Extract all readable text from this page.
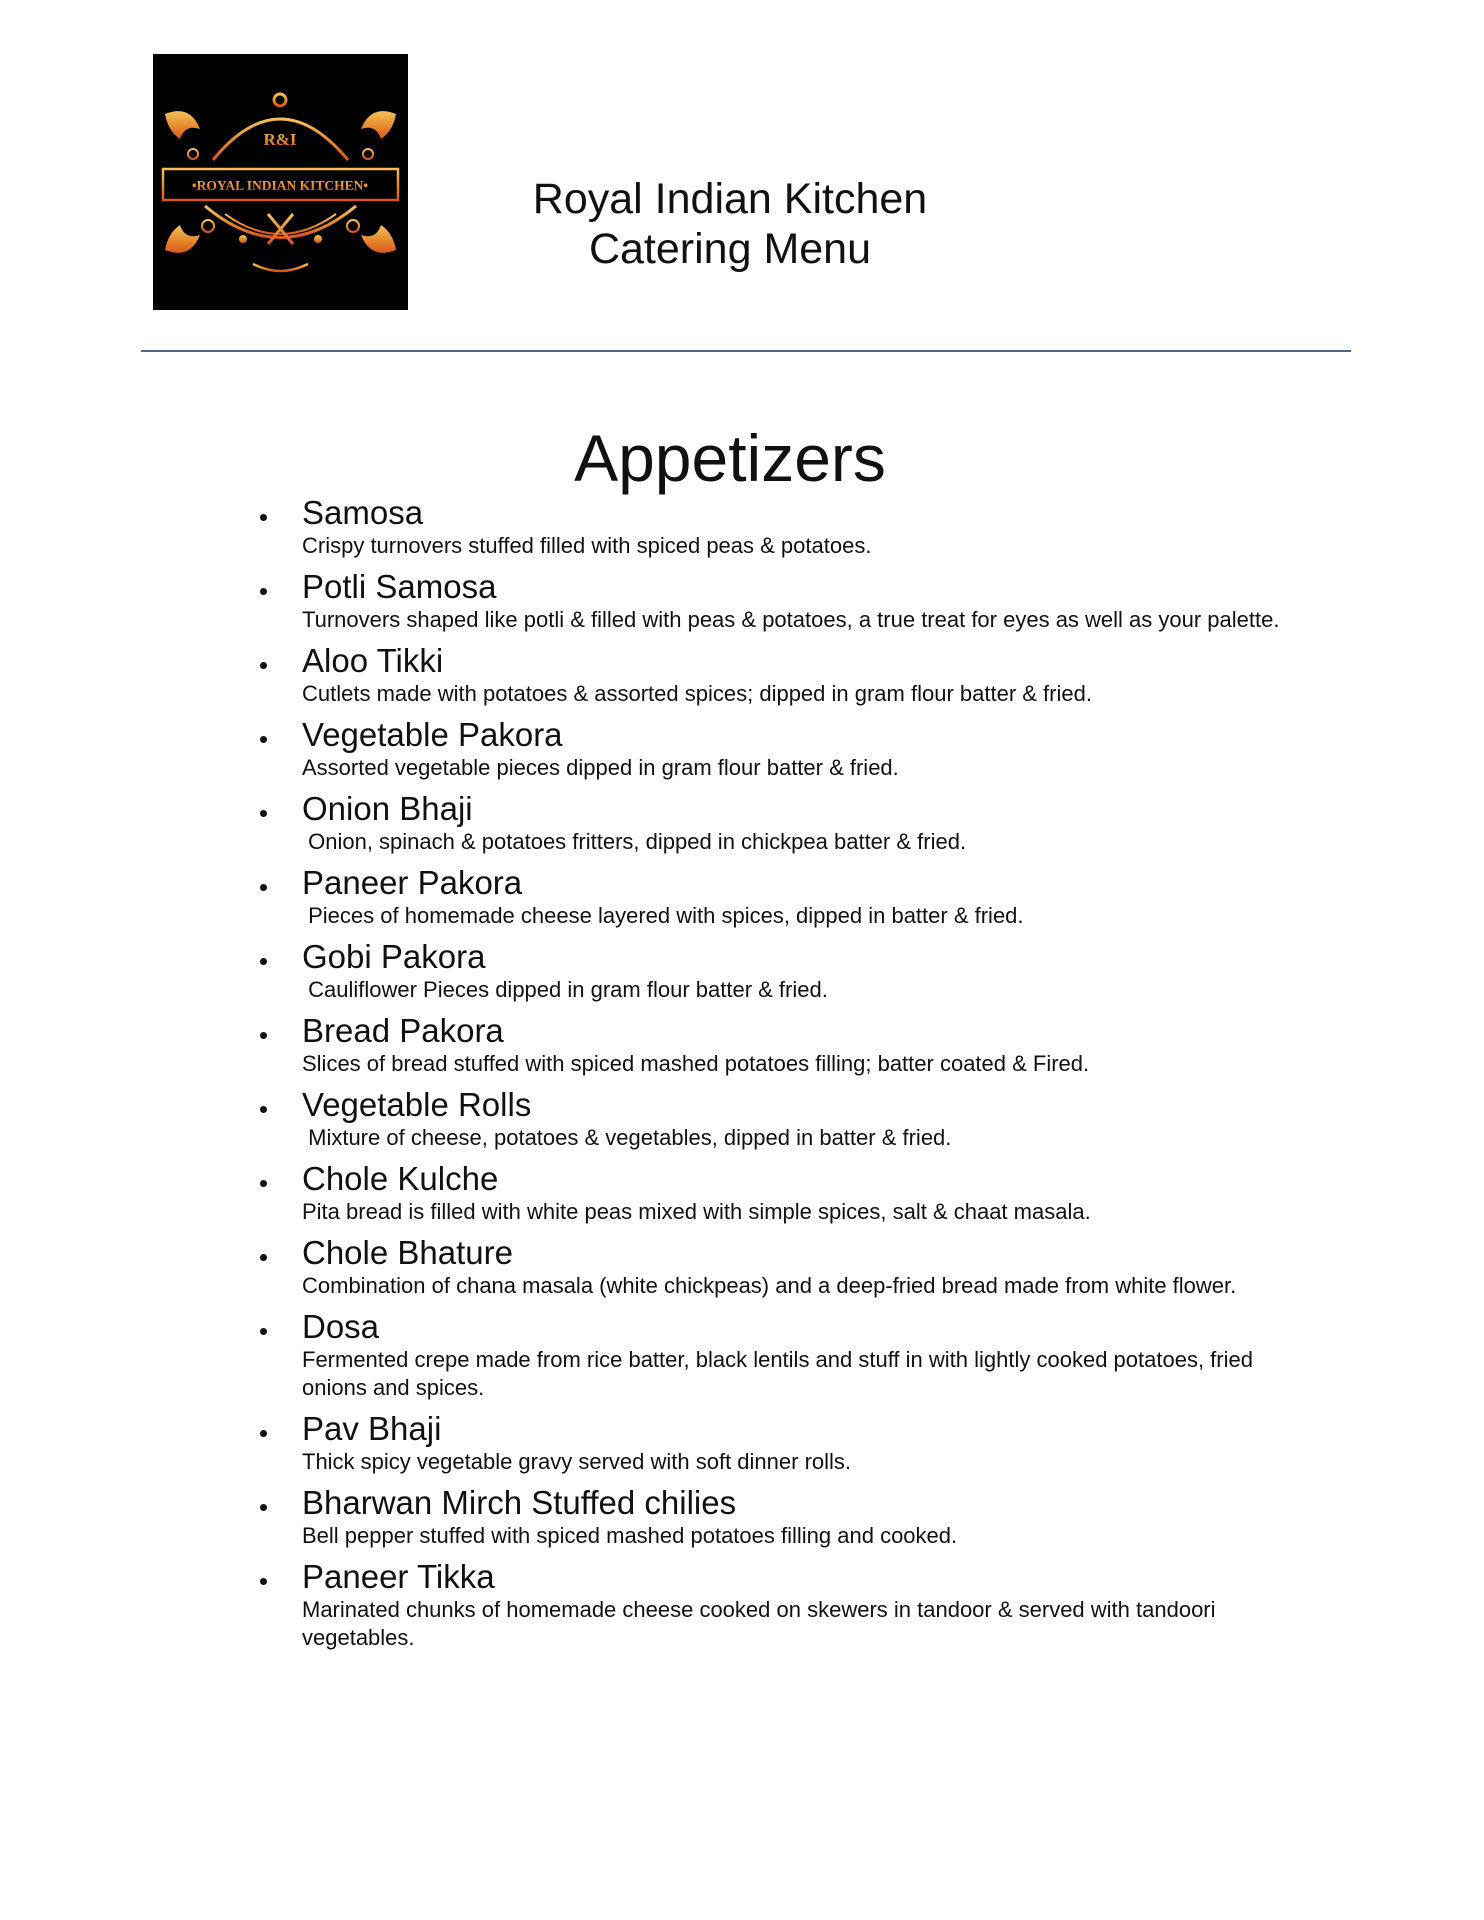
R&I
•ROYAL INDIAN KITCHEN•	Royal Indian Kitchen
Catering Menu
Appetizers
Samosa
Crispy turnovers stuffed filled with spiced peas & potatoes.
Potli Samosa
Turnovers shaped like potli & filled with peas & potatoes, a true treat for eyes as well as your palette.
Aloo Tikki
Cutlets made with potatoes & assorted spices; dipped in gram flour batter & fried.
Vegetable Pakora
Assorted vegetable pieces dipped in gram flour batter & fried.
Onion Bhaji
Onion, spinach & potatoes fritters, dipped in chickpea batter & fried.
Paneer Pakora
Pieces of homemade cheese layered with spices, dipped in batter & fried.
Gobi Pakora
Cauliflower Pieces dipped in gram flour batter & fried.
Bread Pakora
Slices of bread stuffed with spiced mashed potatoes filling; batter coated & Fired.
Vegetable Rolls
Mixture of cheese, potatoes & vegetables, dipped in batter & fried.
Chole Kulche
Pita bread is filled with white peas mixed with simple spices, salt & chaat masala.
Chole Bhature
Combination of chana masala (white chickpeas) and a deep-fried bread made from white flower.
Dosa
Fermented crepe made from rice batter, black lentils and stuff in with lightly cooked potatoes, fried onions and spices.
Pav Bhaji
Thick spicy vegetable gravy served with soft dinner rolls.
Bharwan Mirch Stuffed chilies
Bell pepper stuffed with spiced mashed potatoes filling and cooked.
Paneer Tikka
Marinated chunks of homemade cheese cooked on skewers in tandoor & served with tandoori vegetables.
